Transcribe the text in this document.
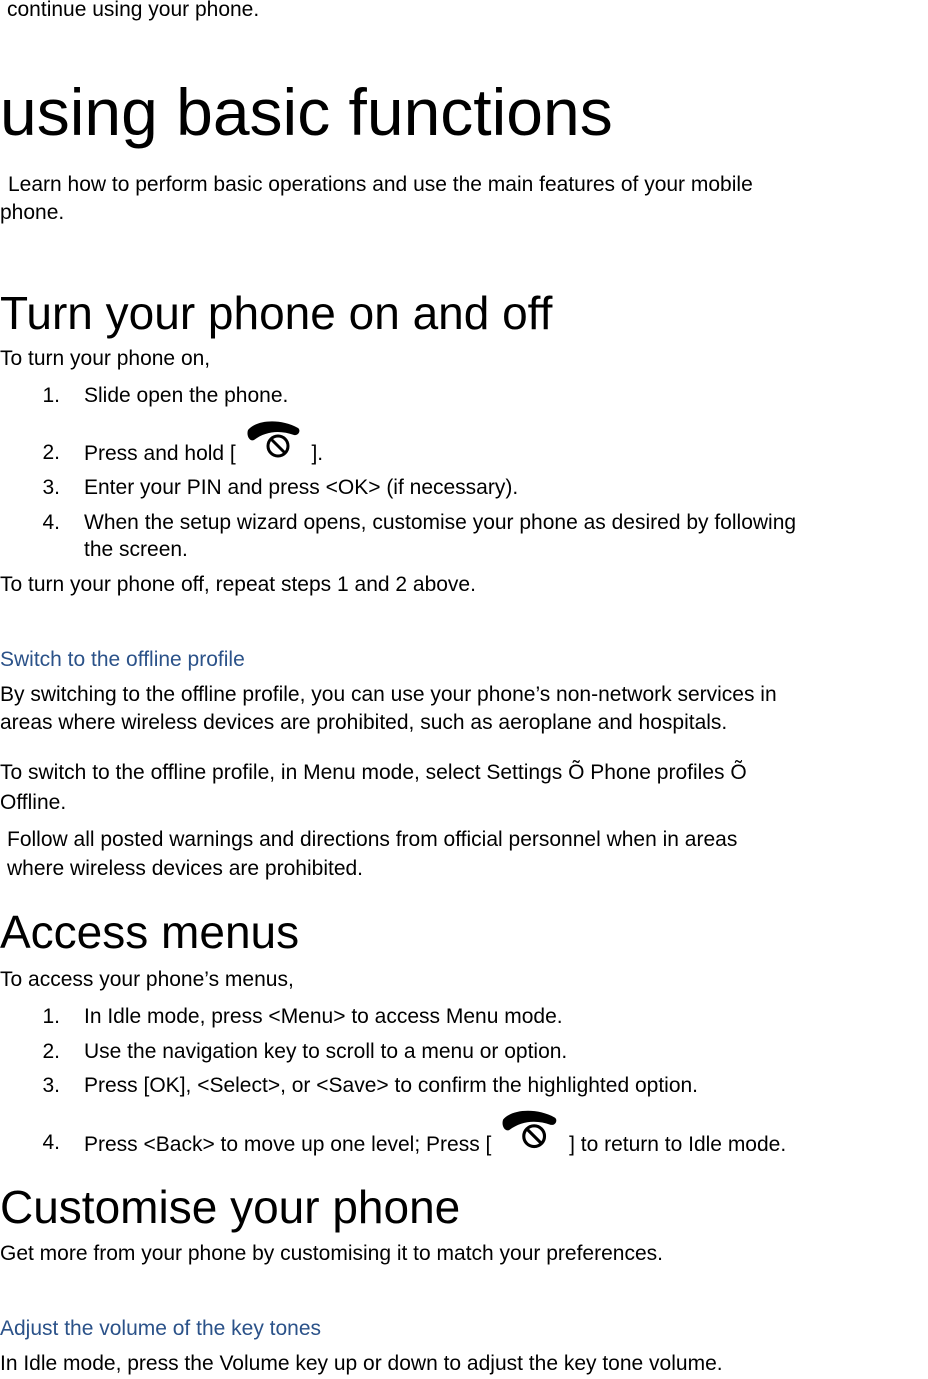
continue using your phone.
using basic functions
Learn how to perform basic operations and use the main features of your mobile
phone.
Turn your phone on and off
To turn your phone on,
1. Slide open the phone.
2. Press and hold [	].
3. Enter your PIN and press <OK> (if necessary).
4. When the setup wizard opens, customise your phone as desired by following
the screen.
To turn your phone off, repeat steps 1 and 2 above.
Switch to the offline profile
By switching to the offline profile, you can use your phone’s non-network services in
areas where wireless devices are prohibited, such as aeroplane and hospitals.
To switch to the offline profile, in Menu mode, select Settings Õ Phone profiles Õ
Offline.
Follow all posted warnings and directions from official personnel when in areas
where wireless devices are prohibited.
Access menus
To access your phone’s menus,
1. In Idle mode, press <Menu> to access Menu mode.
2. Use the navigation key to scroll to a menu or option.
3. Press [OK], <Select>, or <Save> to confirm the highlighted option.
4. Press <Back> to move up one level; Press [	] to return to Idle mode.
Customise your phone
Get more from your phone by customising it to match your preferences.
Adjust the volume of the key tones
In Idle mode, press the Volume key up or down to adjust the key tone volume.
